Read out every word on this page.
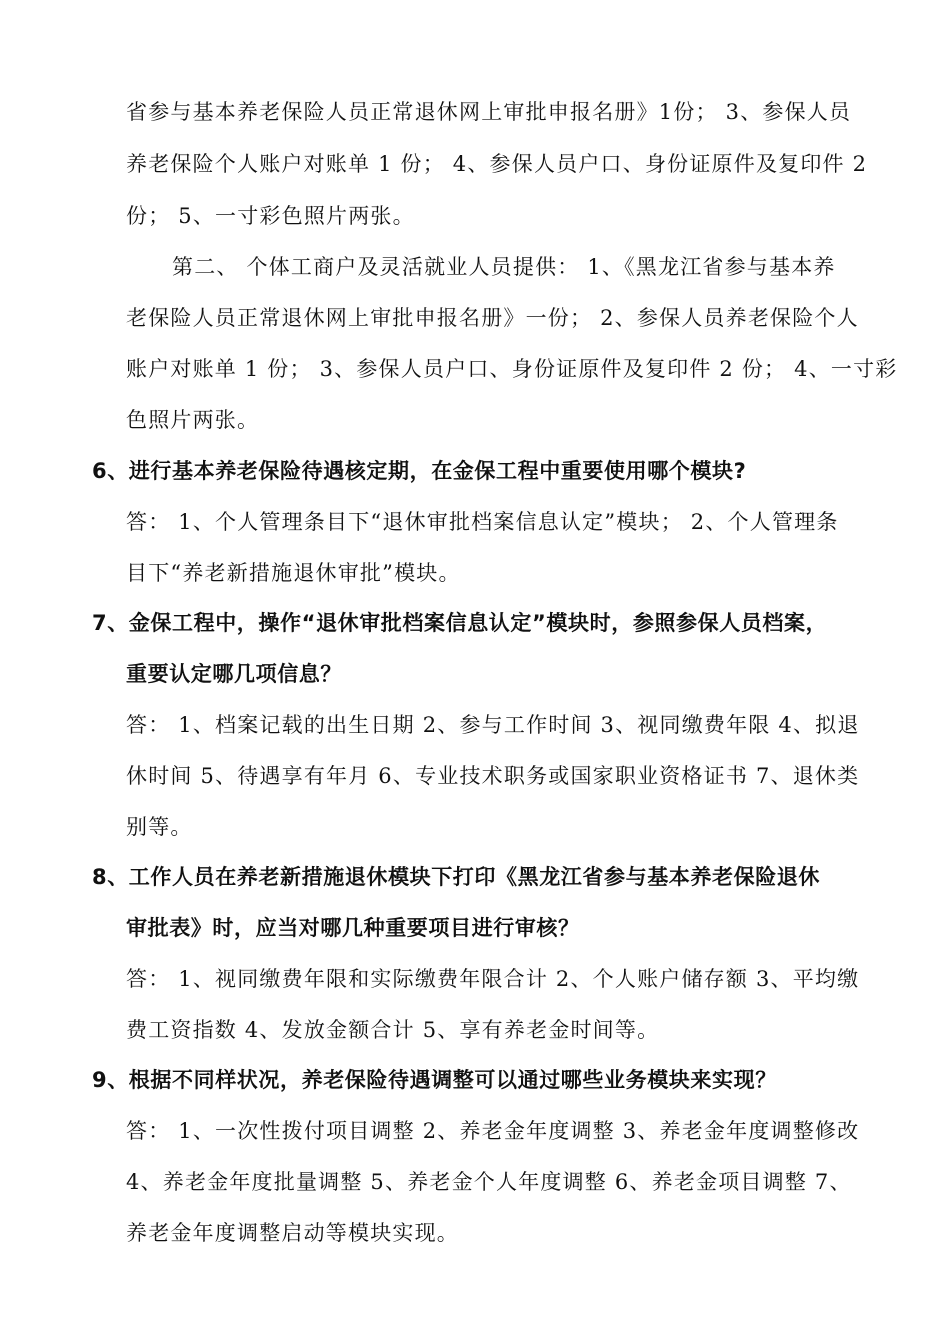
省参与基本养老保险人员正常退休网上审批申报名册》1份； 3、参保人员
养老保险个人账户对账单 1 份； 4、参保人员户口、身份证原件及复印件 2
份； 5、一寸彩色照片两张。
第二、 个体工商户及灵活就业人员提供： 1、《黑龙江省参与基本养
老保险人员正常退休网上审批申报名册》一份； 2、参保人员养老保险个人
账户对账单 1 份； 3、参保人员户口、身份证原件及复印件 2 份； 4、一寸彩
色照片两张。
6、进行基本养老保险待遇核定期，在金保工程中重要使用哪个模块?
答： 1、个人管理条目下“退休审批档案信息认定”模块； 2、个人管理条
目下“养老新措施退休审批”模块。
7、金保工程中，操作“退休审批档案信息认定”模块时，参照参保人员档案，
重要认定哪几项信息？
答： 1、档案记载的出生日期 2、参与工作时间 3、视同缴费年限 4、拟退
休时间 5、待遇享有年月 6、专业技术职务或国家职业资格证书 7、退休类
别等。
8、工作人员在养老新措施退休模块下打印《黑龙江省参与基本养老保险退休
审批表》时，应当对哪几种重要项目进行审核？
答： 1、视同缴费年限和实际缴费年限合计 2、个人账户储存额 3、平均缴
费工资指数 4、发放金额合计 5、享有养老金时间等。
9、根据不同样状况，养老保险待遇调整可以通过哪些业务模块来实现？
答： 1、一次性拨付项目调整 2、养老金年度调整 3、养老金年度调整修改
4、养老金年度批量调整 5、养老金个人年度调整 6、养老金项目调整 7、
养老金年度调整启动等模块实现。
